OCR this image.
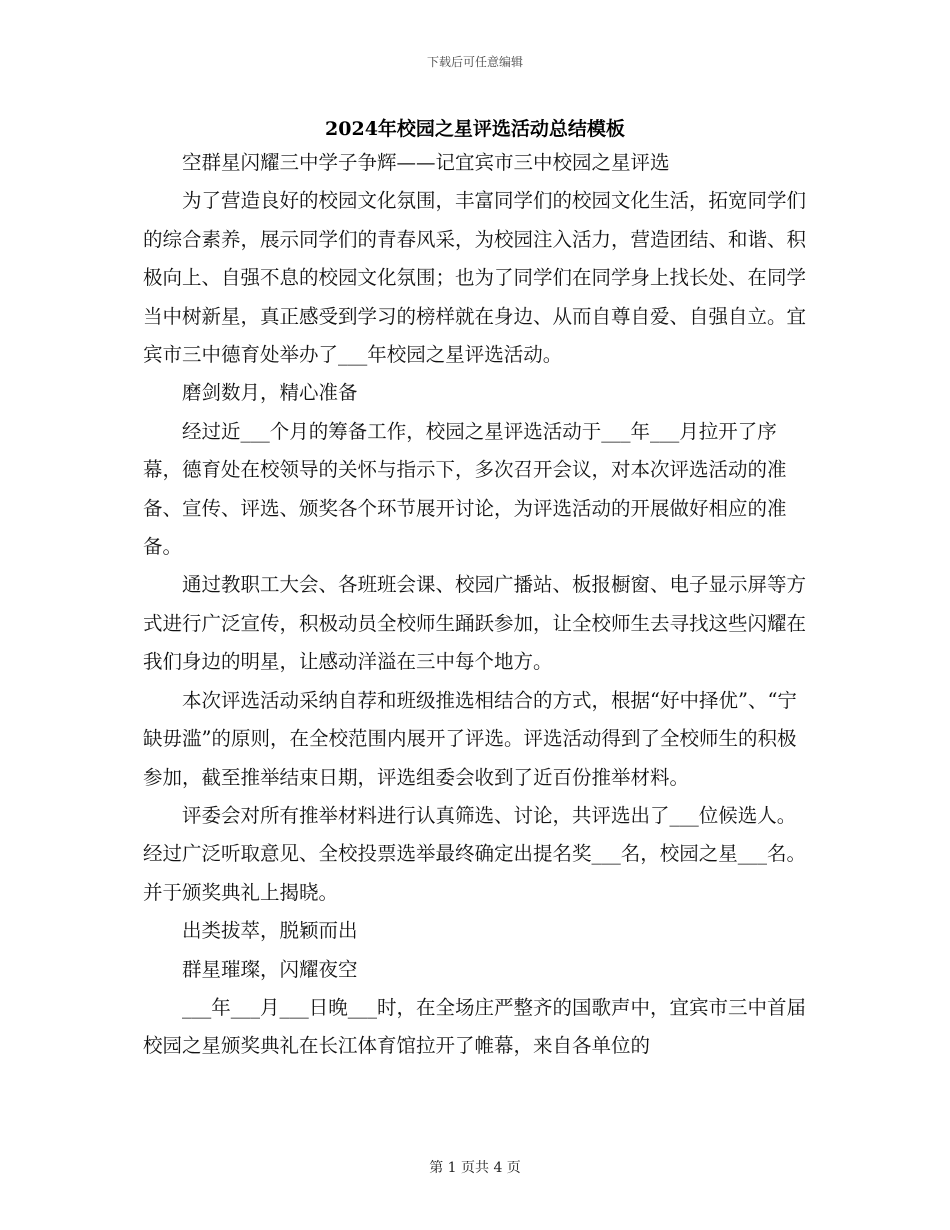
下载后可任意编辑
2024年校园之星评选活动总结模板

空群星闪耀三中学子争辉——记宜宾市三中校园之星评选

为了营造良好的校园文化氛围，丰富同学们的校园文化生活，拓宽同学们的综合素养，展示同学们的青春风采，为校园注入活力，营造团结、和谐、积极向上、自强不息的校园文化氛围；也为了同学们在同学身上找长处、在同学当中树新星，真正感受到学习的榜样就在身边、从而自尊自爱、自强自立。宜宾市三中德育处举办了___年校园之星评选活动。

磨剑数月，精心准备

经过近___个月的筹备工作，校园之星评选活动于___年___月拉开了序幕，德育处在校领导的关怀与指示下，多次召开会议，对本次评选活动的准备、宣传、评选、颁奖各个环节展开讨论，为评选活动的开展做好相应的准备。

通过教职工大会、各班班会课、校园广播站、板报橱窗、电子显示屏等方式进行广泛宣传，积极动员全校师生踊跃参加，让全校师生去寻找这些闪耀在我们身边的明星，让感动洋溢在三中每个地方。

本次评选活动采纳自荐和班级推选相结合的方式，根据“好中择优”、“宁缺毋滥”的原则，在全校范围内展开了评选。评选活动得到了全校师生的积极参加，截至推举结束日期，评选组委会收到了近百份推举材料。

评委会对所有推举材料进行认真筛选、讨论，共评选出了___位候选人。经过广泛听取意见、全校投票选举最终确定出提名奖___名，校园之星___名。并于颁奖典礼上揭晓。

出类拔萃，脱颖而出

群星璀璨，闪耀夜空

___年___月___日晚___时，在全场庄严整齐的国歌声中，宜宾市三中首届校园之星颁奖典礼在长江体育馆拉开了帷幕，来自各单位的

第 1 页共 4 页
